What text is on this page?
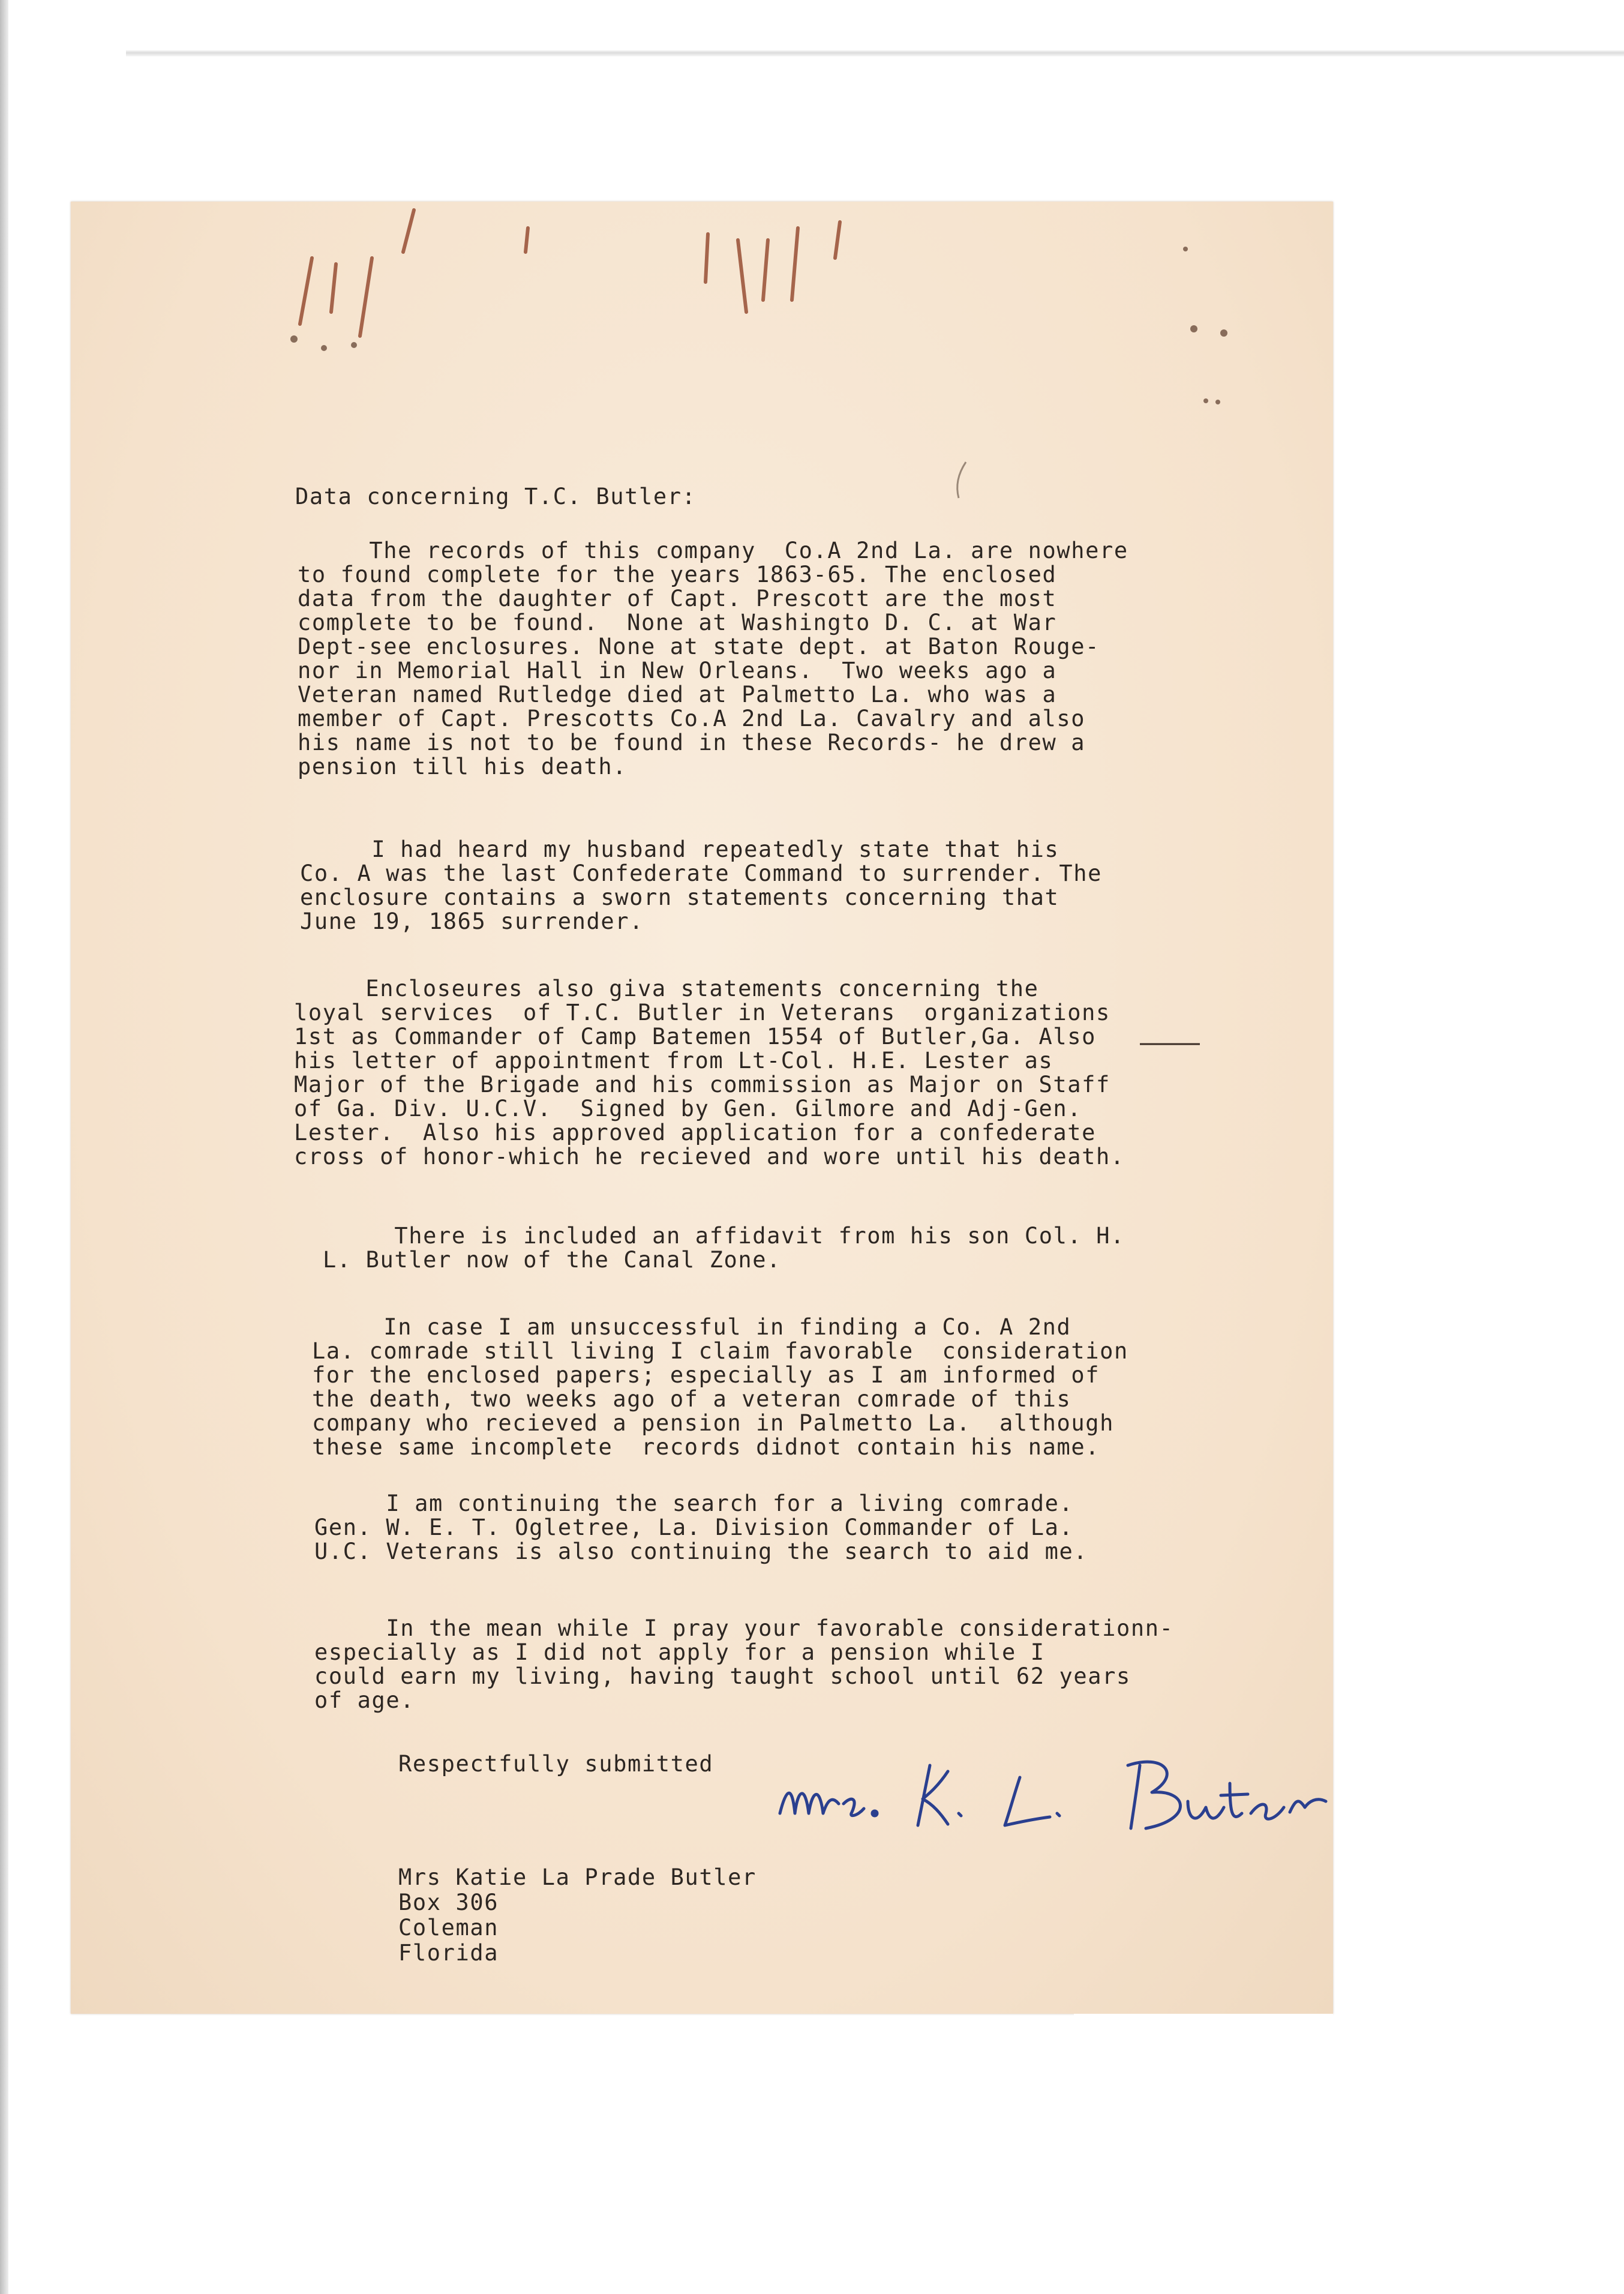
Data concerning T.C. Butler:
The records of this company  Co.A 2nd La. are nowhere
to found complete for the years 1863-65. The enclosed
data from the daughter of Capt. Prescott are the most
complete to be found.  None at Washingto D. C. at War
Dept-see enclosures. None at state dept. at Baton Rouge-
nor in Memorial Hall in New Orleans.  Two weeks ago a
Veteran named Rutledge died at Palmetto La. who was a
member of Capt. Prescotts Co.A 2nd La. Cavalry and also
his name is not to be found in these Records- he drew a
pension till his death.
I had heard my husband repeatedly state that his
Co. A was the last Confederate Command to surrender. The
enclosure contains a sworn statements concerning that
June 19, 1865 surrender.
Encloseures also giva statements concerning the
loyal services  of T.C. Butler in Veterans  organizations
1st as Commander of Camp Batemen 1554 of Butler,Ga. Also
his letter of appointment from Lt-Col. H.E. Lester as
Major of the Brigade and his commission as Major on Staff
of Ga. Div. U.C.V.  Signed by Gen. Gilmore and Adj-Gen.
Lester.  Also his approved application for a confederate
cross of honor-which he recieved and wore until his death.
There is included an affidavit from his son Col. H.
L. Butler now of the Canal Zone.
In case I am unsuccessful in finding a Co. A 2nd
La. comrade still living I claim favorable  consideration
for the enclosed papers; especially as I am informed of
the death, two weeks ago of a veteran comrade of this
company who recieved a pension in Palmetto La.  although
these same incomplete  records didnot contain his name.
I am continuing the search for a living comrade.
Gen. W. E. T. Ogletree, La. Division Commander of La.
U.C. Veterans is also continuing the search to aid me.
In the mean while I pray your favorable considerationn-
especially as I did not apply for a pension while I
could earn my living, having taught school until 62 years
of age.
Respectfully submitted
Mrs Katie La Prade Butler
Box 306
Coleman
Florida
